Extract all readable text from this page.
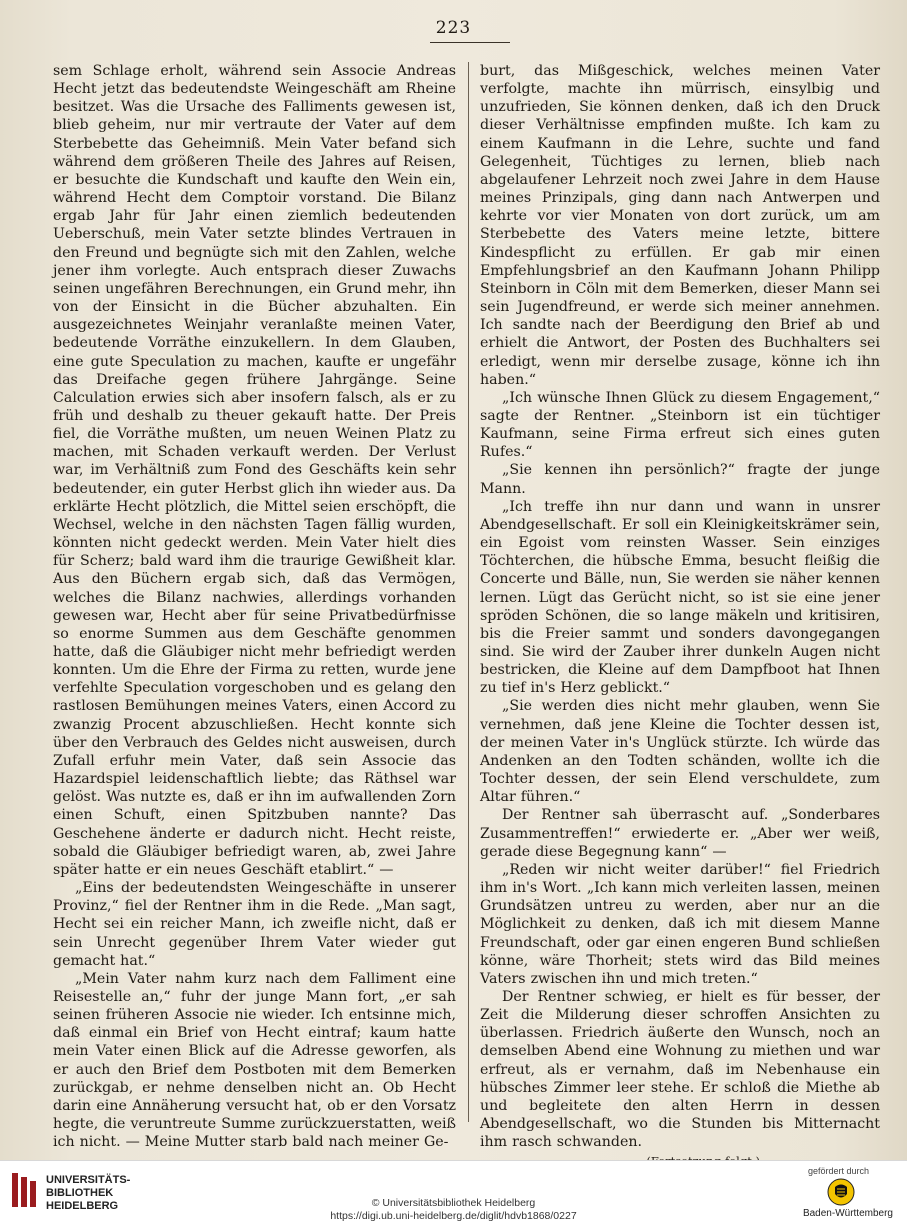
223

sem Schlage erholt, während sein Associe Andreas Hecht jetzt das bedeutendste Weingeschäft am Rheine besitzet. Was die Ursache des Falliments gewesen ist, blieb geheim, nur mir vertraute der Vater auf dem Sterbebette das Geheimniß. Mein Vater befand sich während dem größeren Theile des Jahres auf Reisen, er besuchte die Kundschaft und kaufte den Wein ein, während Hecht dem Comptoir vorstand. Die Bilanz ergab Jahr für Jahr einen ziemlich bedeutenden Ueberschuß, mein Vater setzte blindes Vertrauen in den Freund und begnügte sich mit den Zahlen, welche jener ihm vorlegte. Auch entsprach dieser Zuwachs seinen ungefähren Berechnungen, ein Grund mehr, ihn von der Einsicht in die Bücher abzuhalten. Ein ausgezeichnetes Weinjahr veranlaßte meinen Vater, bedeutende Vorräthe einzukellern. In dem Glauben, eine gute Speculation zu machen, kaufte er ungefähr das Dreifache gegen frühere Jahrgänge. Seine Calculation erwies sich aber insofern falsch, als er zu früh und deshalb zu theuer gekauft hatte. Der Preis fiel, die Vorräthe mußten, um neuen Weinen Platz zu machen, mit Schaden verkauft werden. Der Verlust war, im Verhältniß zum Fond des Geschäfts kein sehr bedeutender, ein guter Herbst glich ihn wieder aus. Da erklärte Hecht plötzlich, die Mittel seien erschöpft, die Wechsel, welche in den nächsten Tagen fällig wurden, könnten nicht gedeckt werden. Mein Vater hielt dies für Scherz; bald ward ihm die traurige Gewißheit klar. Aus den Büchern ergab sich, daß das Vermögen, welches die Bilanz nachwies, allerdings vorhanden gewesen war, Hecht aber für seine Privatbedürfnisse so enorme Summen aus dem Geschäfte genommen hatte, daß die Gläubiger nicht mehr befriedigt werden konnten. Um die Ehre der Firma zu retten, wurde jene verfehlte Speculation vorgeschoben und es gelang den rastlosen Bemühungen meines Vaters, einen Accord zu zwanzig Procent abzuschließen. Hecht konnte sich über den Verbrauch des Geldes nicht ausweisen, durch Zufall erfuhr mein Vater, daß sein Associe das Hazardspiel leidenschaftlich liebte; das Räthsel war gelöst. Was nutzte es, daß er ihn im aufwallenden Zorn einen Schuft, einen Spitzbuben nannte? Das Geschehene änderte er dadurch nicht. Hecht reiste, sobald die Gläubiger befriedigt waren, ab, zwei Jahre später hatte er ein neues Geschäft etablirt.“ —

„Eins der bedeutendsten Weingeschäfte in unserer Provinz,“ fiel der Rentner ihm in die Rede. „Man sagt, Hecht sei ein reicher Mann, ich zweifle nicht, daß er sein Unrecht gegenüber Ihrem Vater wieder gut gemacht hat.“

„Mein Vater nahm kurz nach dem Falliment eine Reisestelle an,“ fuhr der junge Mann fort, „er sah seinen früheren Associe nie wieder. Ich entsinne mich, daß einmal ein Brief von Hecht eintraf; kaum hatte mein Vater einen Blick auf die Adresse geworfen, als er auch den Brief dem Postboten mit dem Bemerken zurückgab, er nehme denselben nicht an. Ob Hecht darin eine Annäherung versucht hat, ob er den Vorsatz hegte, die veruntreute Summe zurückzuerstatten, weiß ich nicht. — Meine Mutter starb bald nach meiner Ge-

burt, das Mißgeschick, welches meinen Vater verfolgte, machte ihn mürrisch, einsylbig und unzufrieden, Sie können denken, daß ich den Druck dieser Verhältnisse empfinden mußte. Ich kam zu einem Kaufmann in die Lehre, suchte und fand Gelegenheit, Tüchtiges zu lernen, blieb nach abgelaufener Lehrzeit noch zwei Jahre in dem Hause meines Prinzipals, ging dann nach Antwerpen und kehrte vor vier Monaten von dort zurück, um am Sterbebette des Vaters meine letzte, bittere Kindespflicht zu erfüllen. Er gab mir einen Empfehlungsbrief an den Kaufmann Johann Philipp Steinborn in Cöln mit dem Bemerken, dieser Mann sei sein Jugendfreund, er werde sich meiner annehmen. Ich sandte nach der Beerdigung den Brief ab und erhielt die Antwort, der Posten des Buchhalters sei erledigt, wenn mir derselbe zusage, könne ich ihn haben.“

„Ich wünsche Ihnen Glück zu diesem Engagement,“ sagte der Rentner. „Steinborn ist ein tüchtiger Kaufmann, seine Firma erfreut sich eines guten Rufes.“

„Sie kennen ihn persönlich?“ fragte der junge Mann.

„Ich treffe ihn nur dann und wann in unsrer Abendgesellschaft. Er soll ein Kleinigkeitskrämer sein, ein Egoist vom reinsten Wasser. Sein einziges Töchterchen, die hübsche Emma, besucht fleißig die Concerte und Bälle, nun, Sie werden sie näher kennen lernen. Lügt das Gerücht nicht, so ist sie eine jener spröden Schönen, die so lange mäkeln und kritisiren, bis die Freier sammt und sonders davongegangen sind. Sie wird der Zauber ihrer dunkeln Augen nicht bestricken, die Kleine auf dem Dampfboot hat Ihnen zu tief in's Herz geblickt.“

„Sie werden dies nicht mehr glauben, wenn Sie vernehmen, daß jene Kleine die Tochter dessen ist, der meinen Vater in's Unglück stürzte. Ich würde das Andenken an den Todten schänden, wollte ich die Tochter dessen, der sein Elend verschuldete, zum Altar führen.“

Der Rentner sah überrascht auf. „Sonderbares Zusammentreffen!“ erwiederte er. „Aber wer weiß, gerade diese Begegnung kann“ —

„Reden wir nicht weiter darüber!“ fiel Friedrich ihm in's Wort. „Ich kann mich verleiten lassen, meinen Grundsätzen untreu zu werden, aber nur an die Möglichkeit zu denken, daß ich mit diesem Manne Freundschaft, oder gar einen engeren Bund schließen könne, wäre Thorheit; stets wird das Bild meines Vaters zwischen ihn und mich treten.“

Der Rentner schwieg, er hielt es für besser, der Zeit die Milderung dieser schroffen Ansichten zu überlassen. Friedrich äußerte den Wunsch, noch an demselben Abend eine Wohnung zu miethen und war erfreut, als er vernahm, daß im Nebenhause ein hübsches Zimmer leer stehe. Er schloß die Miethe ab und begleitete den alten Herrn in dessen Abendgesellschaft, wo die Stunden bis Mitternacht ihm rasch schwanden.

UNIVERSITÄTS-
BIBLIOTHEK
HEIDELBERG	© Universitätsbibliothek Heidelberg
https://digi.ub.uni-heidelberg.de/diglit/hdvb1868/0227
gefördert durch
Baden-Württemberg
